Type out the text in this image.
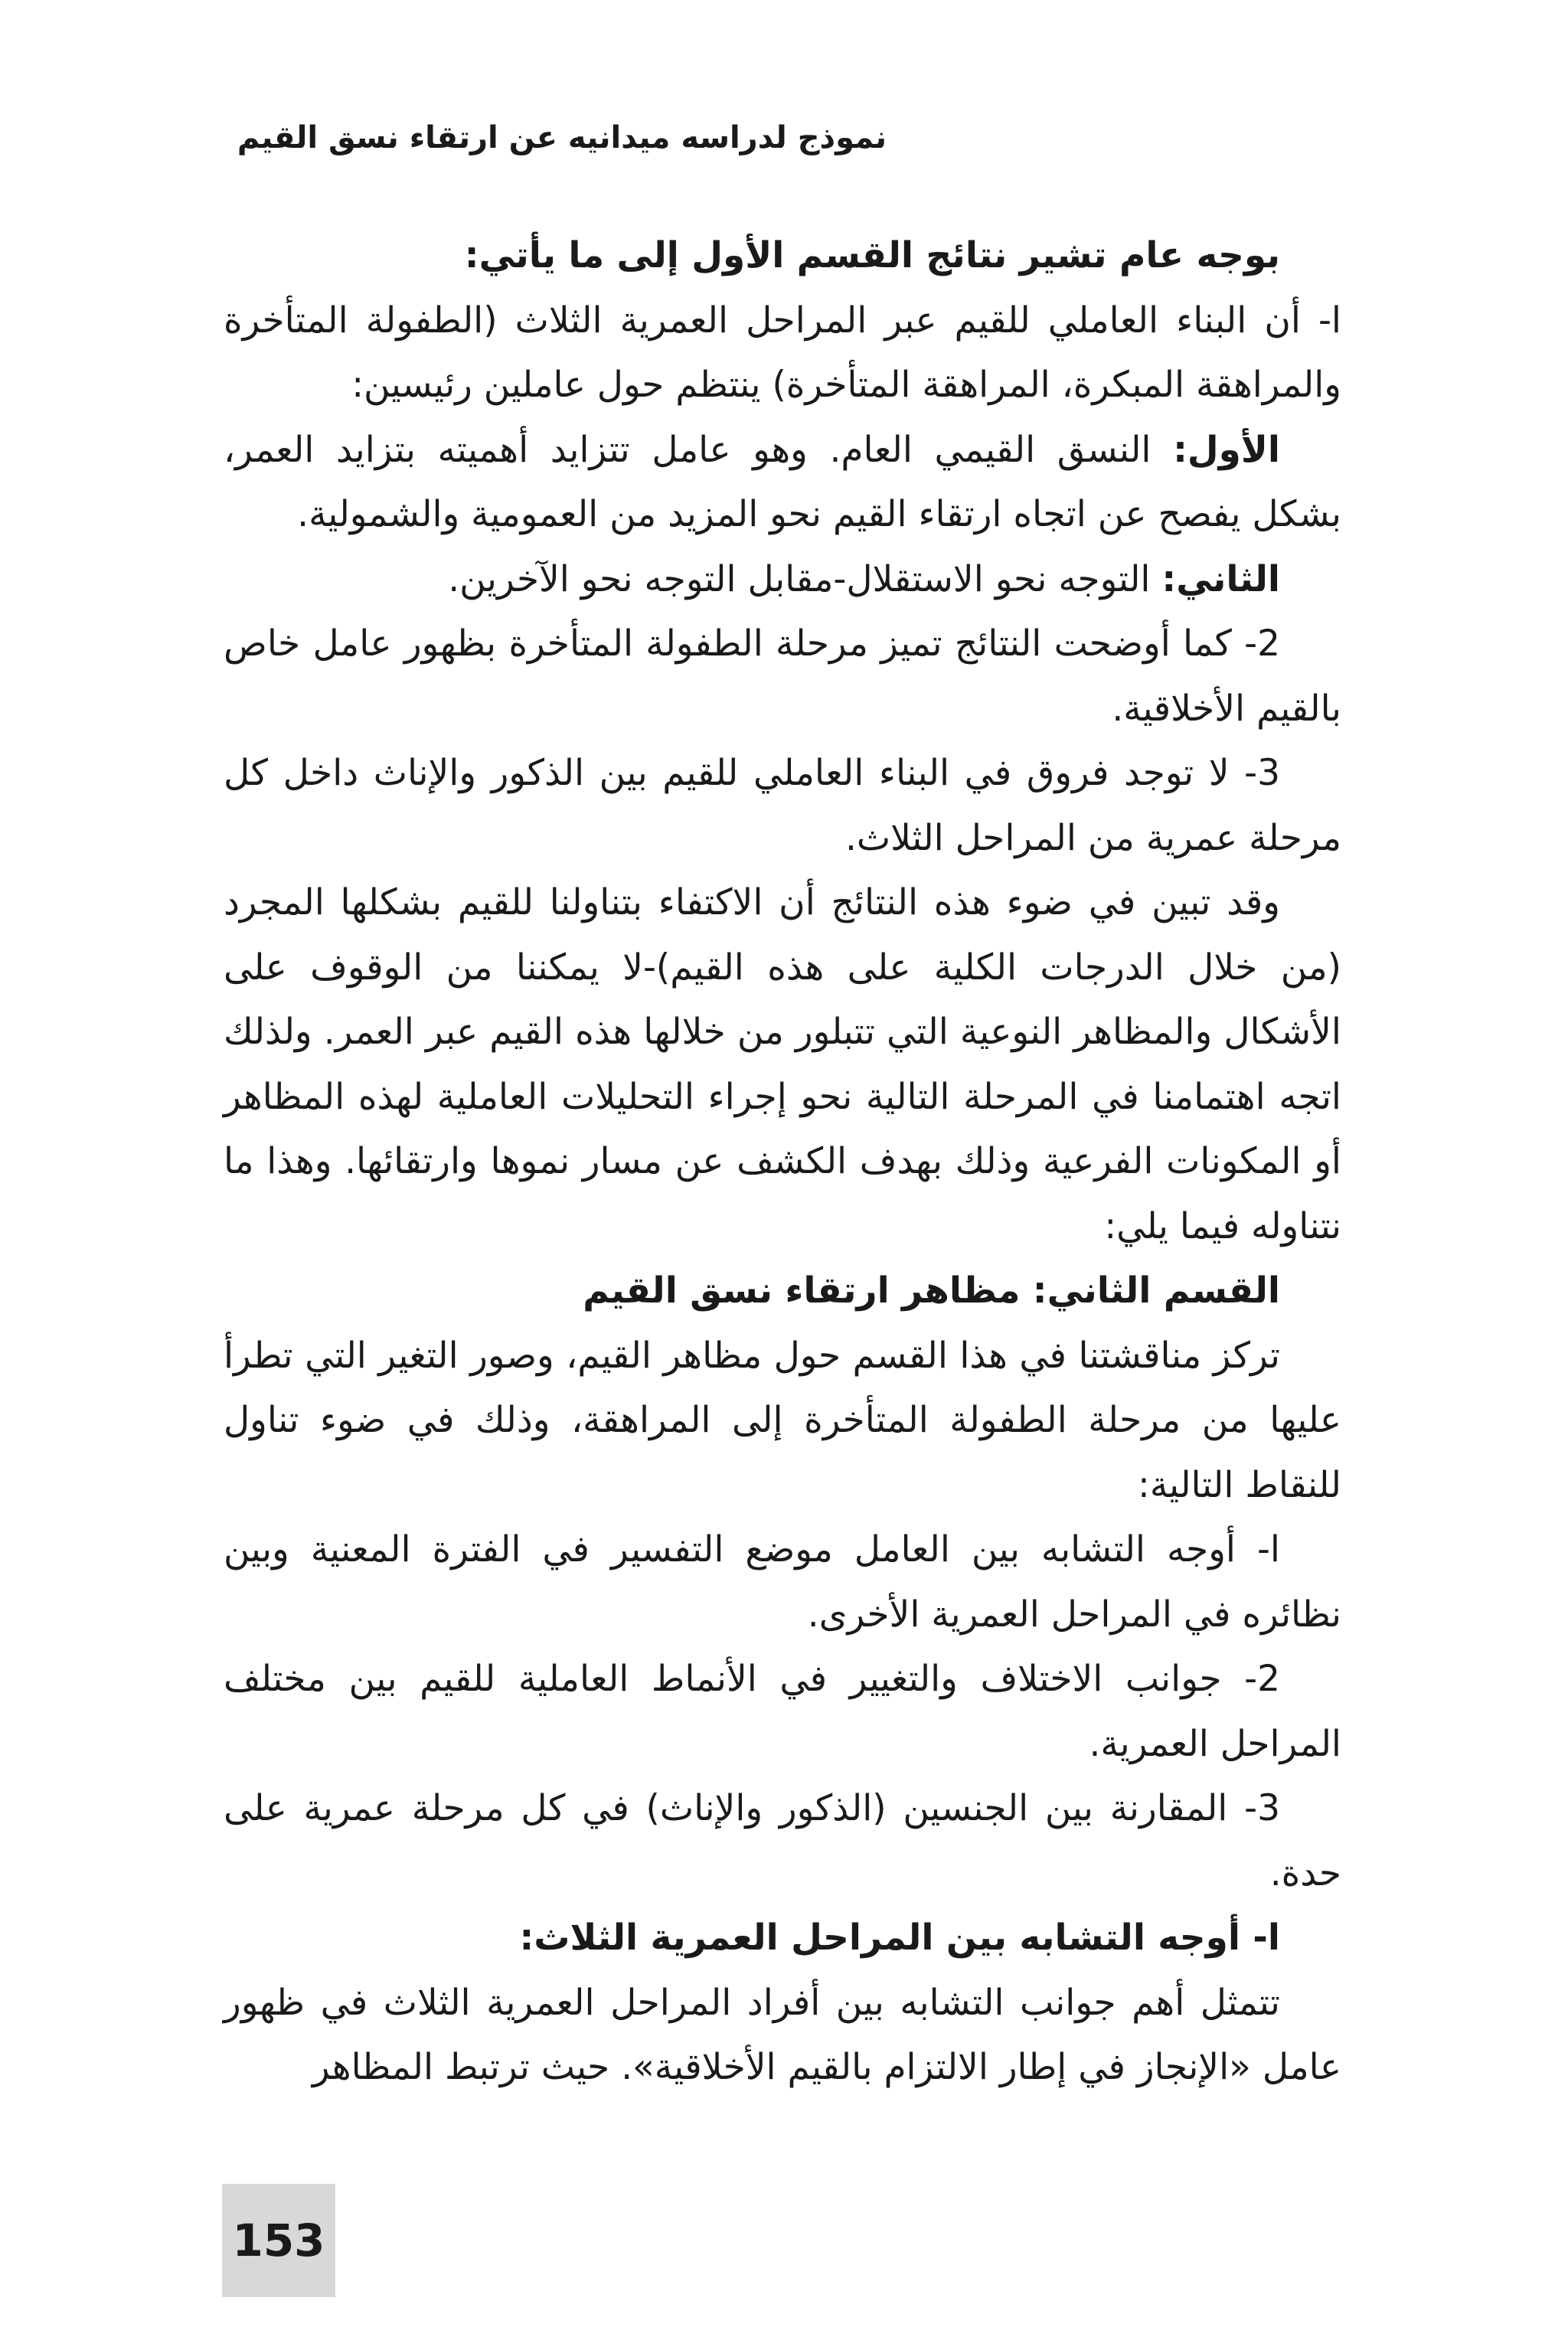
نموذج لدراسه ميدانيه عن ارتقاء نسق القيم

بوجه عام تشير نتائج القسم الأول إلى ما يأتي:

ا- أن البناء العاملي للقيم عبر المراحل العمرية الثلاث (الطفولة المتأخرة والمراهقة المبكرة، المراهقة المتأخرة) ينتظم حول عاملين رئيسين:

الأول: النسق القيمي العام. وهو عامل تتزايد أهميته بتزايد العمر، بشكل يفصح عن اتجاه ارتقاء القيم نحو المزيد من العمومية والشمولية.

الثاني: التوجه نحو الاستقلال-مقابل التوجه نحو الآخرين.

2- كما أوضحت النتائج تميز مرحلة الطفولة المتأخرة بظهور عامل خاص بالقيم الأخلاقية.

3- لا توجد فروق في البناء العاملي للقيم بين الذكور والإناث داخل كل مرحلة عمرية من المراحل الثلاث.

وقد تبين في ضوء هذه النتائج أن الاكتفاء بتناولنا للقيم بشكلها المجرد (من خلال الدرجات الكلية على هذه القيم)-لا يمكننا من الوقوف على الأشكال والمظاهر النوعية التي تتبلور من خلالها هذه القيم عبر العمر. ولذلك اتجه اهتمامنا في المرحلة التالية نحو إجراء التحليلات العاملية لهذه المظاهر أو المكونات الفرعية وذلك بهدف الكشف عن مسار نموها وارتقائها. وهذا ما نتناوله فيما يلي:

القسم الثاني: مظاهر ارتقاء نسق القيم

تركز مناقشتنا في هذا القسم حول مظاهر القيم، وصور التغير التي تطرأ عليها من مرحلة الطفولة المتأخرة إلى المراهقة، وذلك في ضوء تناول للنقاط التالية:

ا- أوجه التشابه بين العامل موضع التفسير في الفترة المعنية وبين نظائره في المراحل العمرية الأخرى.

2- جوانب الاختلاف والتغيير في الأنماط العاملية للقيم بين مختلف المراحل العمرية.

3- المقارنة بين الجنسين (الذكور والإناث) في كل مرحلة عمرية على حدة.

ا- أوجه التشابه بين المراحل العمرية الثلاث:

تتمثل أهم جوانب التشابه بين أفراد المراحل العمرية الثلاث في ظهور عامل «الإنجاز في إطار الالتزام بالقيم الأخلاقية». حيث ترتبط المظاهر

153
